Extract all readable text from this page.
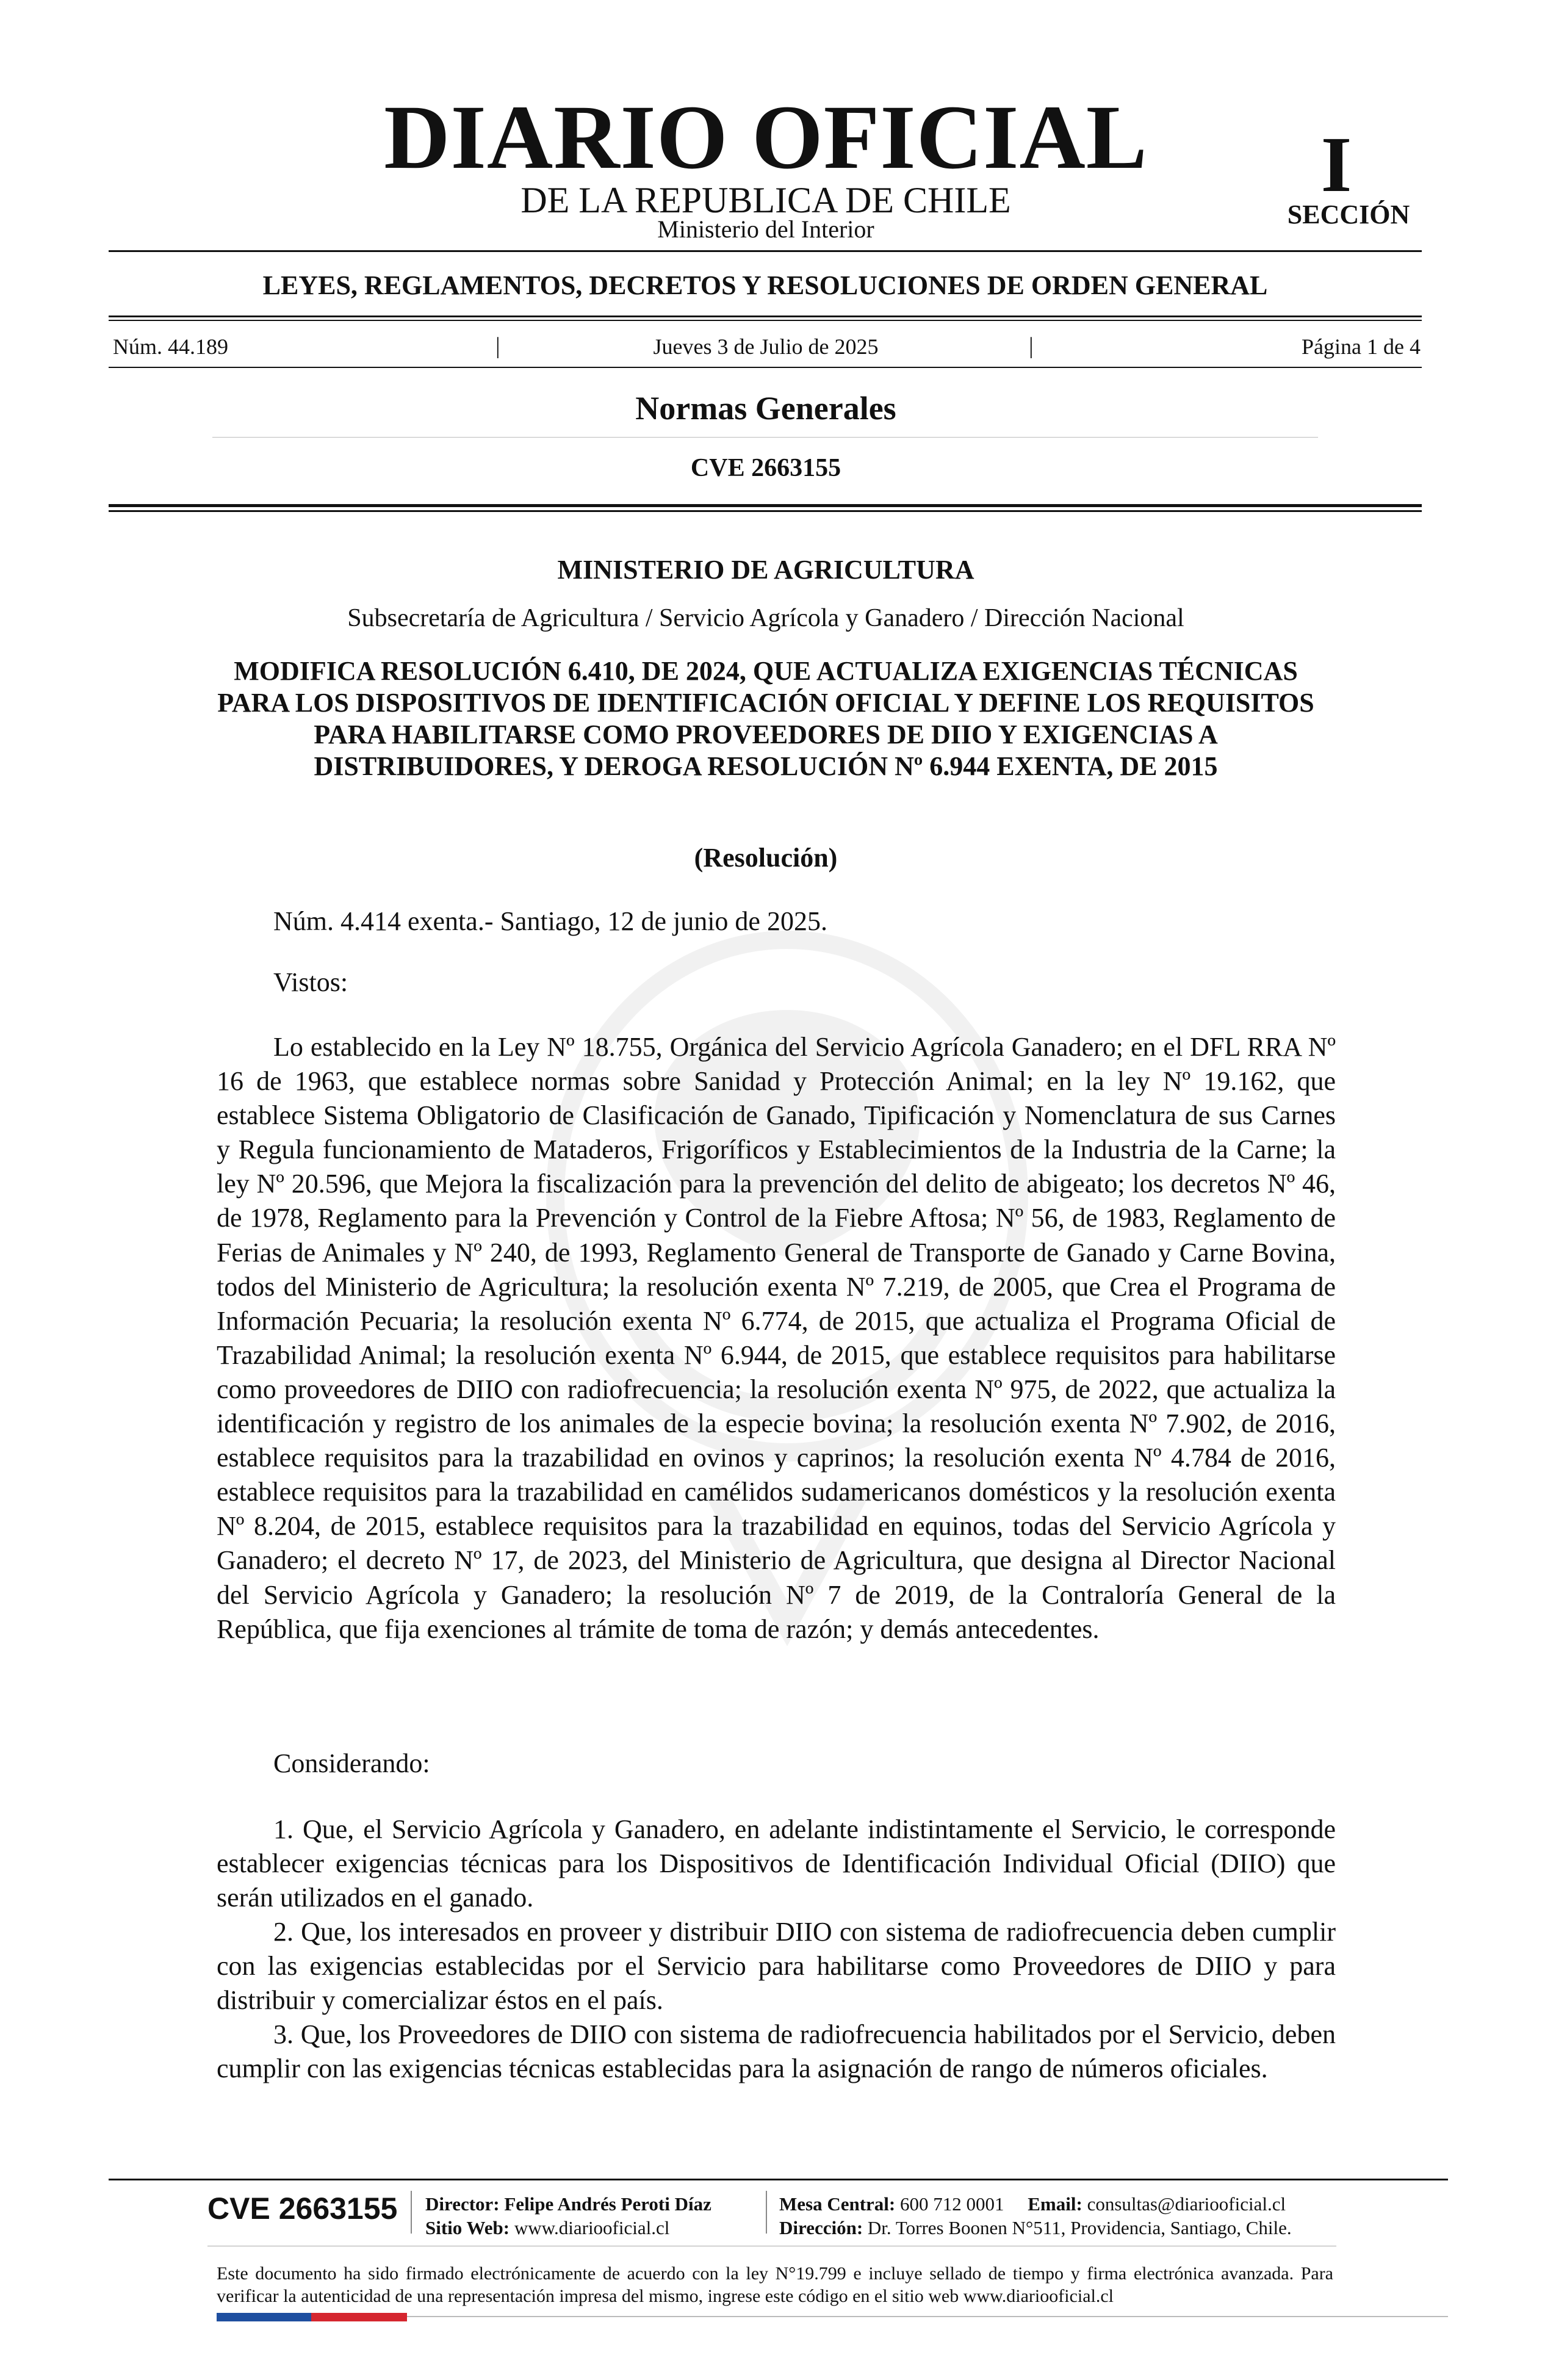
DIARIO OFICIAL
DE LA REPUBLICA DE CHILE
Ministerio del Interior
I
SECCIÓN
LEYES, REGLAMENTOS, DECRETOS Y RESOLUCIONES DE ORDEN GENERAL
Núm. 44.189	|	Jueves 3 de Julio de 2025	|	Página 1 de 4
Normas Generales
CVE 2663155
MINISTERIO DE AGRICULTURA
Subsecretaría de Agricultura / Servicio Agrícola y Ganadero / Dirección Nacional
MODIFICA RESOLUCIÓN 6.410, DE 2024, QUE ACTUALIZA EXIGENCIAS TÉCNICAS PARA LOS DISPOSITIVOS DE IDENTIFICACIÓN OFICIAL Y DEFINE LOS REQUISITOS PARA HABILITARSE COMO PROVEEDORES DE DIIO Y EXIGENCIAS A DISTRIBUIDORES, Y DEROGA RESOLUCIÓN Nº 6.944 EXENTA, DE 2015
(Resolución)
Núm. 4.414 exenta.- Santiago, 12 de junio de 2025.
Vistos:

Lo establecido en la Ley Nº 18.755, Orgánica del Servicio Agrícola Ganadero; en el DFL RRA Nº 16 de 1963, que establece normas sobre Sanidad y Protección Animal; en la ley Nº 19.162, que establece Sistema Obligatorio de Clasificación de Ganado, Tipificación y Nomenclatura de sus Carnes y Regula funcionamiento de Mataderos, Frigoríficos y Establecimientos de la Industria de la Carne; la ley Nº 20.596, que Mejora la fiscalización para la prevención del delito de abigeato; los decretos Nº 46, de 1978, Reglamento para la Prevención y Control de la Fiebre Aftosa; Nº 56, de 1983, Reglamento de Ferias de Animales y Nº 240, de 1993, Reglamento General de Transporte de Ganado y Carne Bovina, todos del Ministerio de Agricultura; la resolución exenta Nº 7.219, de 2005, que Crea el Programa de Información Pecuaria; la resolución exenta Nº 6.774, de 2015, que actualiza el Programa Oficial de Trazabilidad Animal; la resolución exenta Nº 6.944, de 2015, que establece requisitos para habilitarse como proveedores de DIIO con radiofrecuencia; la resolución exenta Nº 975, de 2022, que actualiza la identificación y registro de los animales de la especie bovina; la resolución exenta Nº 7.902, de 2016, establece requisitos para la trazabilidad en ovinos y caprinos; la resolución exenta Nº 4.784 de 2016, establece requisitos para la trazabilidad en camélidos sudamericanos domésticos y la resolución exenta Nº 8.204, de 2015, establece requisitos para la trazabilidad en equinos, todas del Servicio Agrícola y Ganadero; el decreto Nº 17, de 2023, del Ministerio de Agricultura, que designa al Director Nacional del Servicio Agrícola y Ganadero; la resolución Nº 7 de 2019, de la Contraloría General de la República, que fija exenciones al trámite de toma de razón; y demás antecedentes.

Considerando:

1. Que, el Servicio Agrícola y Ganadero, en adelante indistintamente el Servicio, le corresponde establecer exigencias técnicas para los Dispositivos de Identificación Individual Oficial (DIIO) que serán utilizados en el ganado.

2. Que, los interesados en proveer y distribuir DIIO con sistema de radiofrecuencia deben cumplir con las exigencias establecidas por el Servicio para habilitarse como Proveedores de DIIO y para distribuir y comercializar éstos en el país.

3. Que, los Proveedores de DIIO con sistema de radiofrecuencia habilitados por el Servicio, deben cumplir con las exigencias técnicas establecidas para la asignación de rango de números oficiales.

CVE 2663155 Director: Felipe Andrés Peroti Díaz
Sitio Web: www.diariooficial.cl
Mesa Central: 600 712 0001 Email: consultas@diariooficial.cl
Dirección: Dr. Torres Boonen N°511, Providencia, Santiago, Chile.

Este documento ha sido firmado electrónicamente de acuerdo con la ley N°19.799 e incluye sellado de tiempo y firma electrónica avanzada. Para verificar la autenticidad de una representación impresa del mismo, ingrese este código en el sitio web www.diariooficial.cl
